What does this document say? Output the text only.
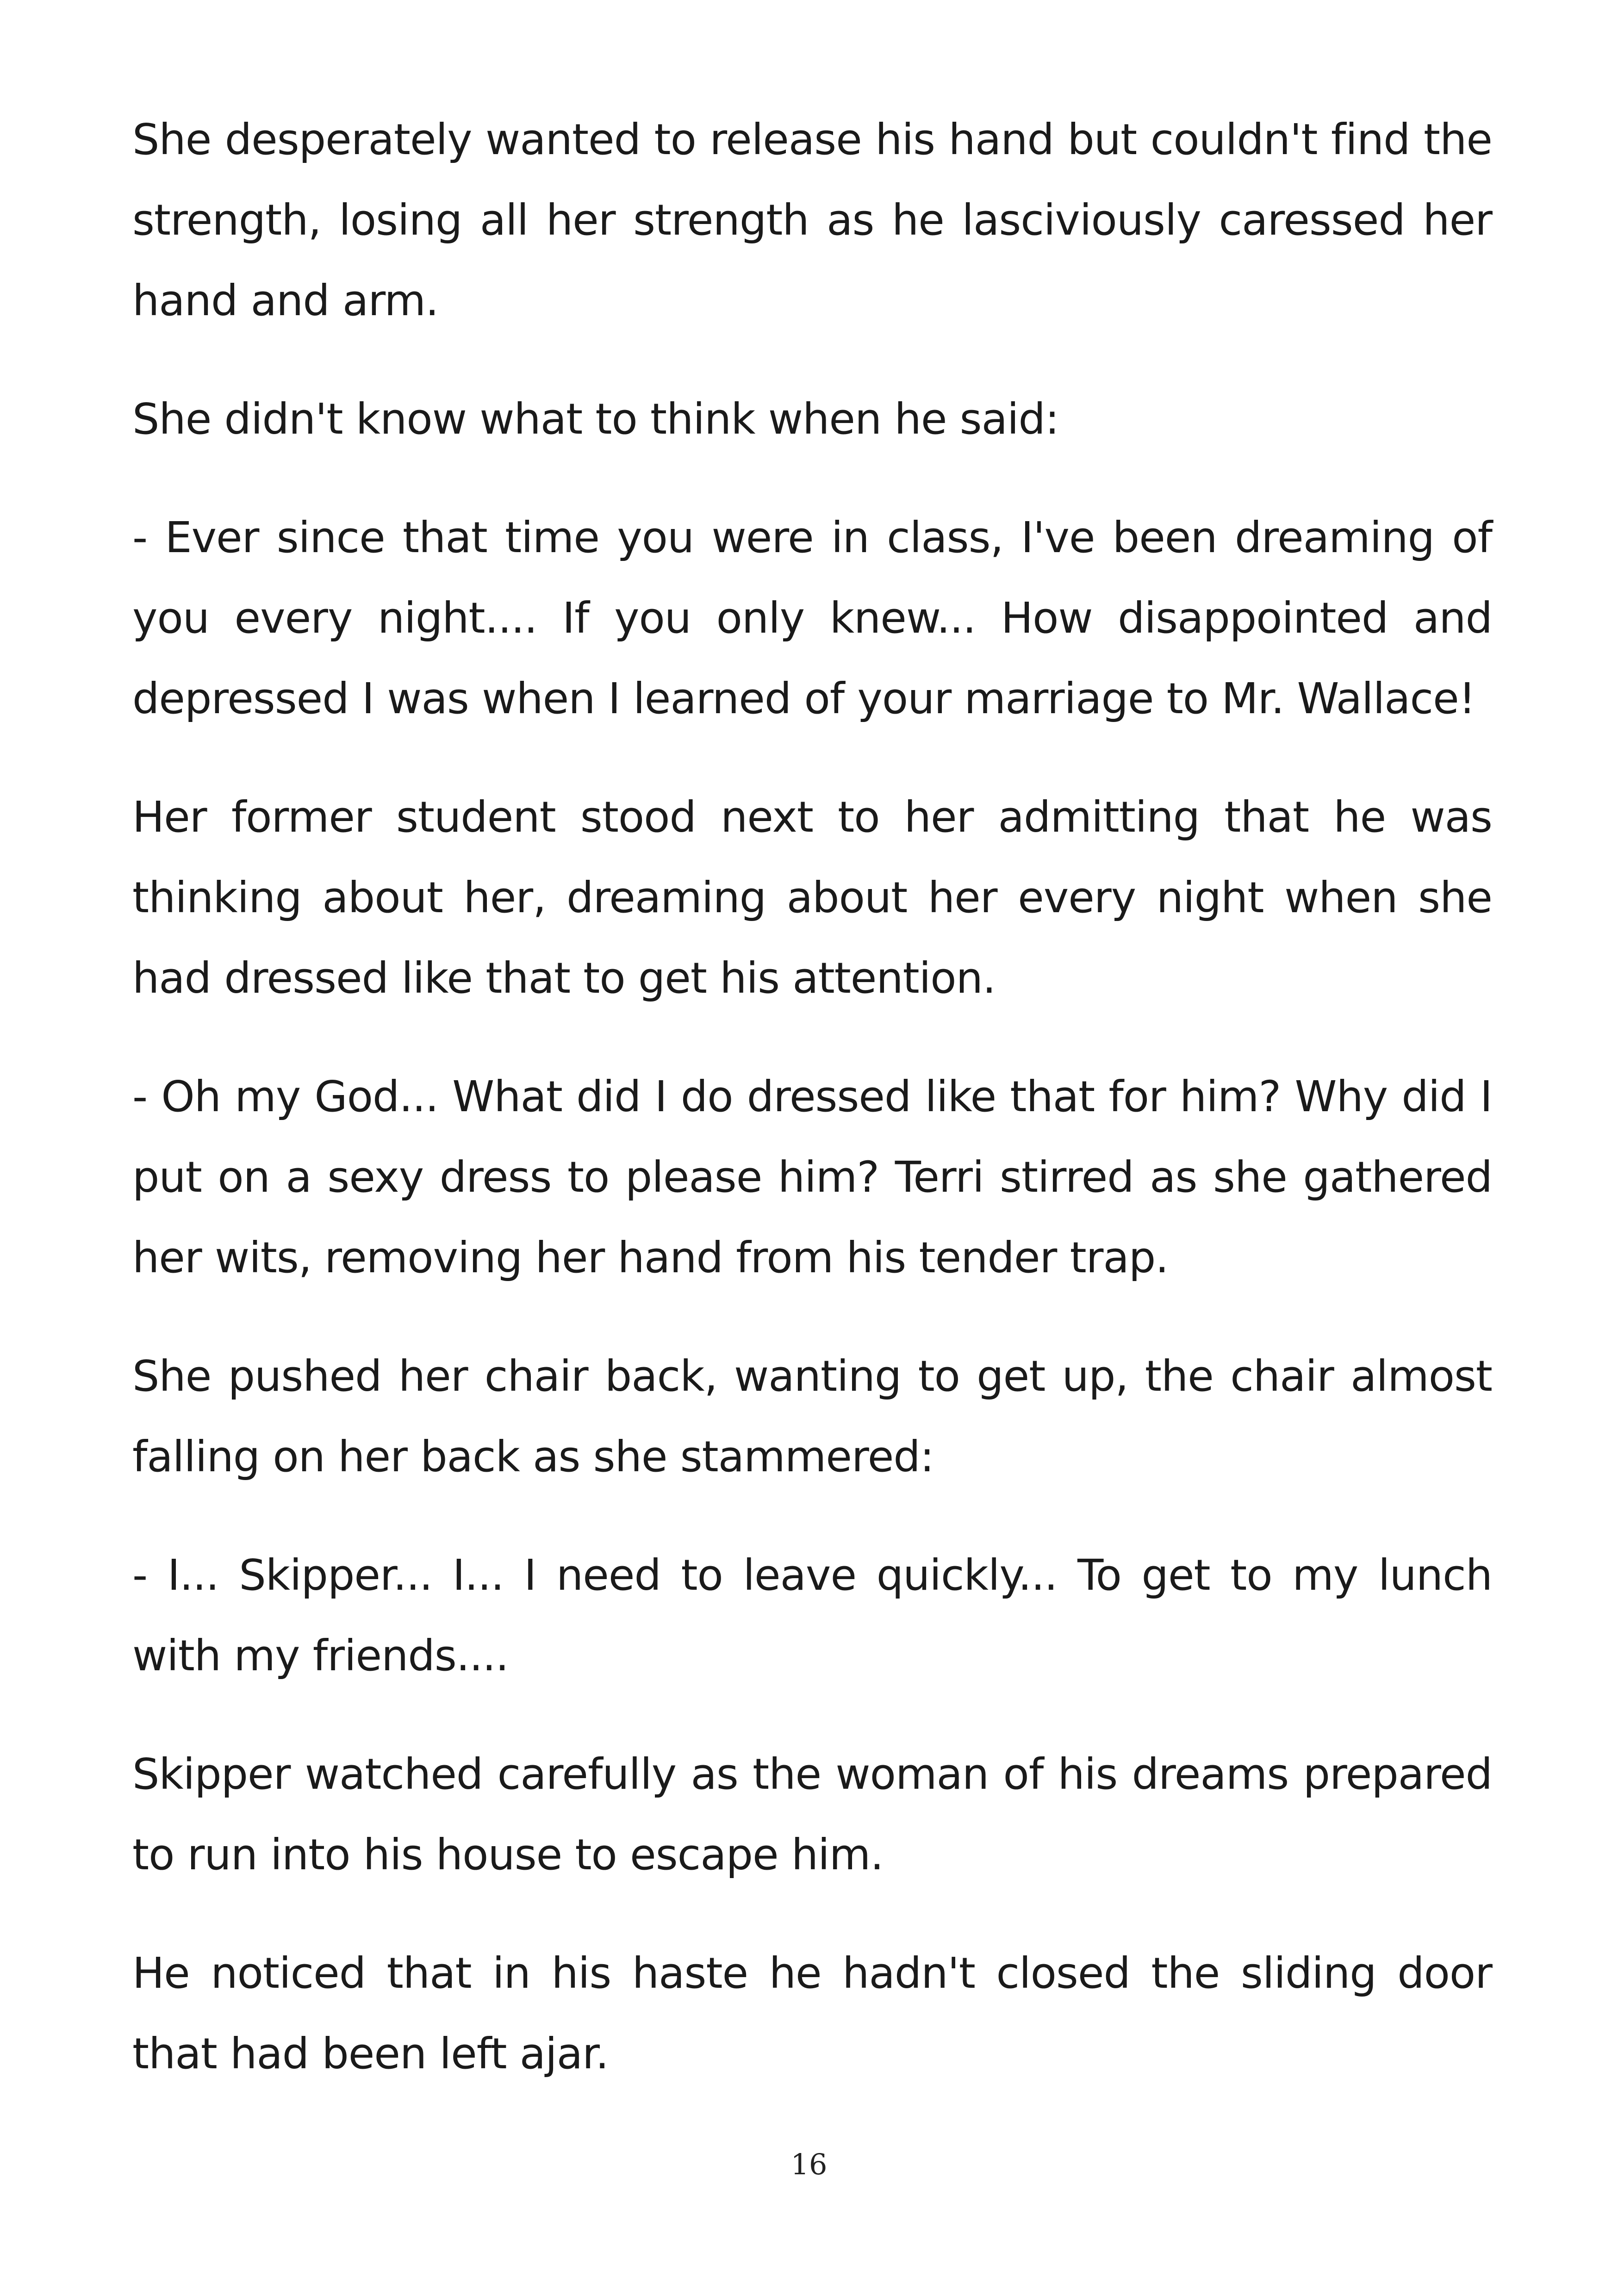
She desperately wanted to release his hand but couldn't find the strength, losing all her strength as he lasciviously caressed her hand and arm.

She didn't know what to think when he said:

- Ever since that time you were in class, I've been dreaming of you every night.... If you only knew... How disappointed and depressed I was when I learned of your marriage to Mr. Wallace!

Her former student stood next to her admitting that he was thinking about her, dreaming about her every night when she had dressed like that to get his attention.

- Oh my God... What did I do dressed like that for him? Why did I put on a sexy dress to please him? Terri stirred as she gathered her wits, removing her hand from his tender trap.

She pushed her chair back, wanting to get up, the chair almost falling on her back as she stammered:

- I... Skipper... I... I need to leave quickly... To get to my lunch with my friends....

Skipper watched carefully as the woman of his dreams prepared to run into his house to escape him.

He noticed that in his haste he hadn't closed the sliding door that had been left ajar.

16
